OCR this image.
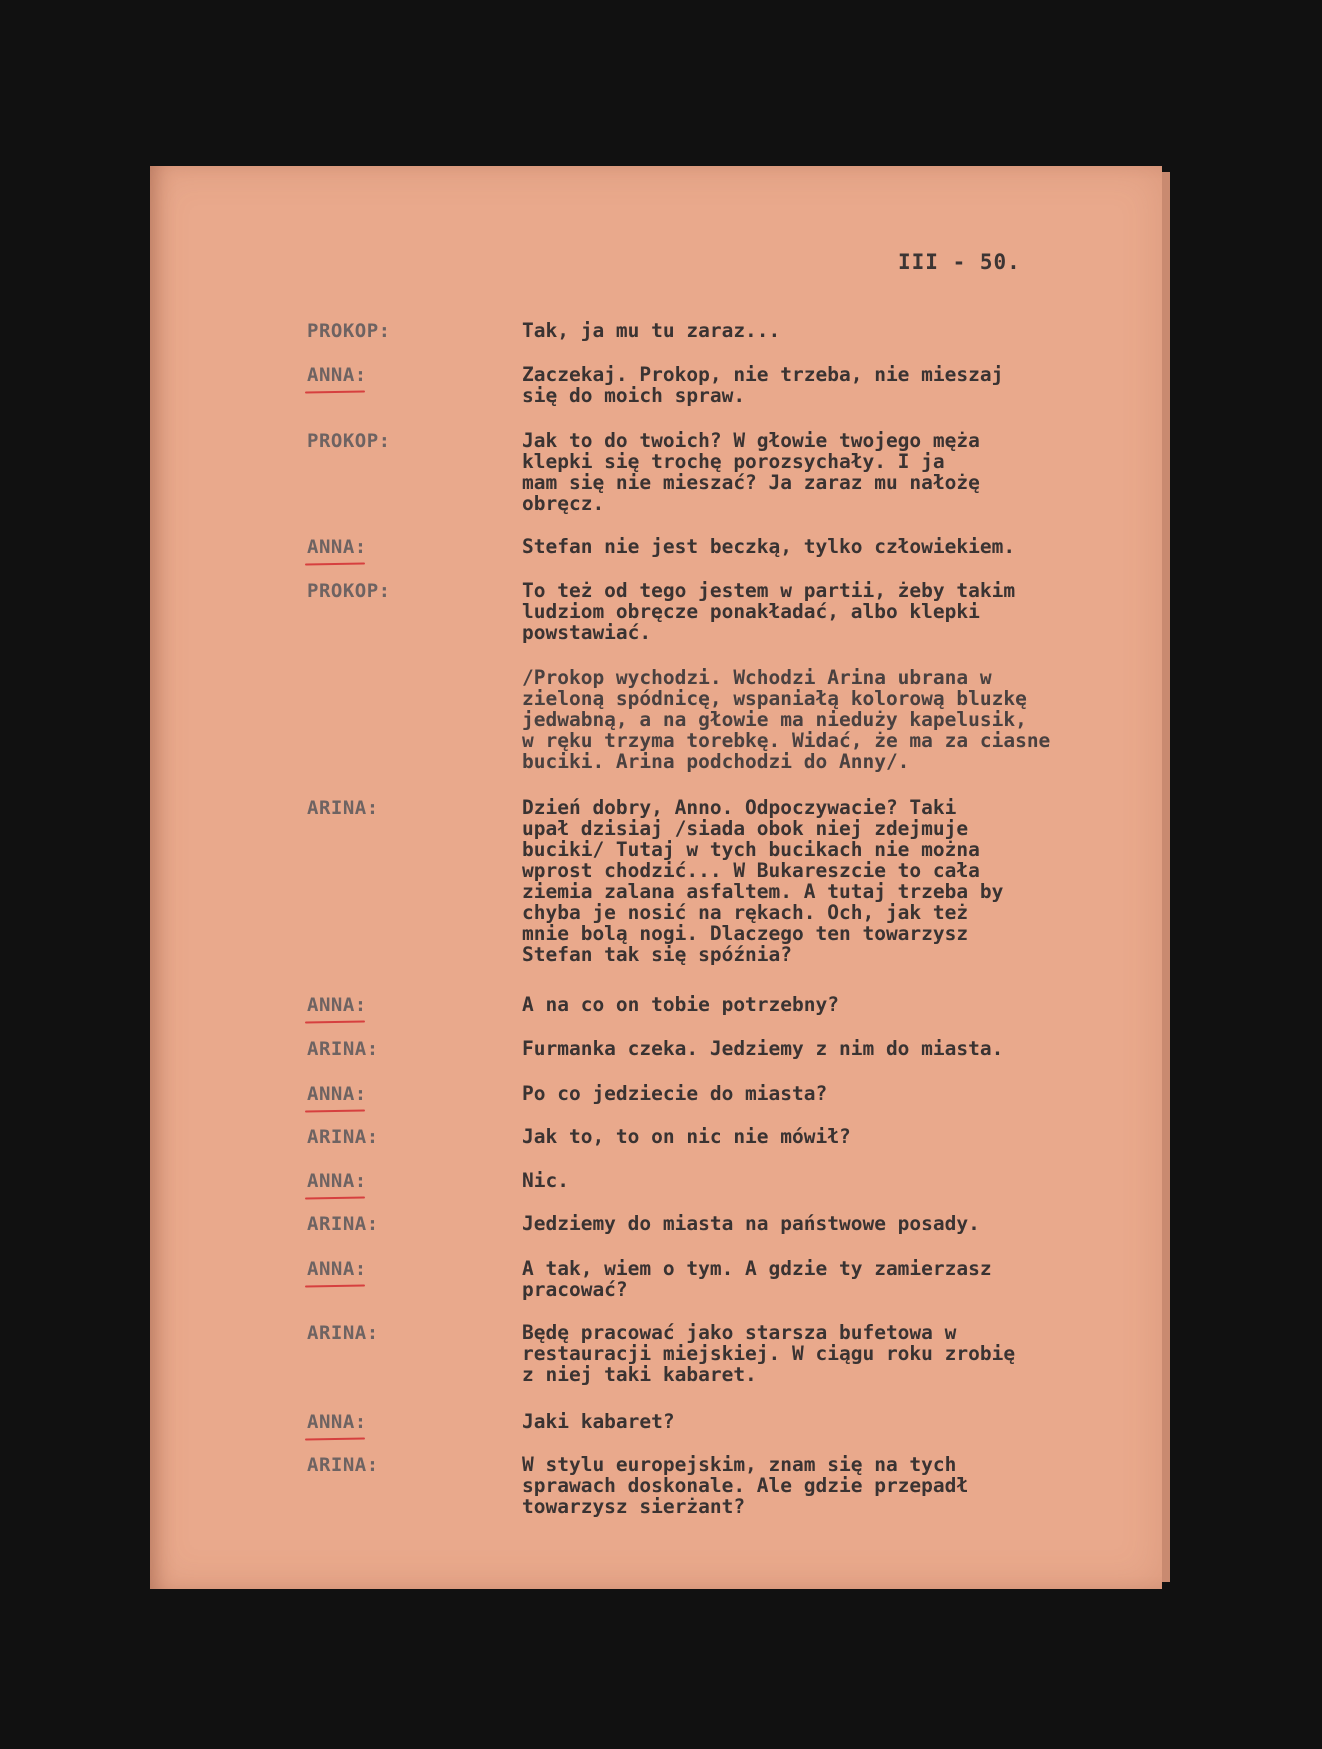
III - 50.
PROKOP:	Tak, ja mu tu zaraz...
ANNA:	Zaczekaj. Prokop, nie trzeba, nie mieszaj
się do moich spraw.
PROKOP:	Jak to do twoich? W głowie twojego męża
klepki się trochę porozsychały. I ja
mam się nie mieszać? Ja zaraz mu nałożę
obręcz.
ANNA:	Stefan nie jest beczką, tylko człowiekiem.
PROKOP:	To też od tego jestem w partii, żeby takim
ludziom obręcze ponakładać, albo klepki
powstawiać.
/Prokop wychodzi. Wchodzi Arina ubrana w
zieloną spódnicę, wspaniałą kolorową bluzkę
jedwabną, a na głowie ma nieduży kapelusik,
w ręku trzyma torebkę. Widać, że ma za ciasne
buciki. Arina podchodzi do Anny/.
ARINA:	Dzień dobry, Anno. Odpoczywacie? Taki
upał dzisiaj /siada obok niej zdejmuje
buciki/ Tutaj w tych bucikach nie można
wprost chodzić... W Bukareszcie to cała
ziemia zalana asfaltem. A tutaj trzeba by
chyba je nosić na rękach. Och, jak też
mnie bolą nogi. Dlaczego ten towarzysz
Stefan tak się spóźnia?
ANNA:	A na co on tobie potrzebny?
ARINA:	Furmanka czeka. Jedziemy z nim do miasta.
ANNA:	Po co jedziecie do miasta?
ARINA:	Jak to, to on nic nie mówił?
ANNA:	Nic.
ARINA:	Jedziemy do miasta na państwowe posady.
ANNA:	A tak, wiem o tym. A gdzie ty zamierzasz
pracować?
ARINA:	Będę pracować jako starsza bufetowa w
restauracji miejskiej. W ciągu roku zrobię
z niej taki kabaret.
ANNA:	Jaki kabaret?
ARINA:	W stylu europejskim, znam się na tych
sprawach doskonale. Ale gdzie przepadł
towarzysz sierżant?
